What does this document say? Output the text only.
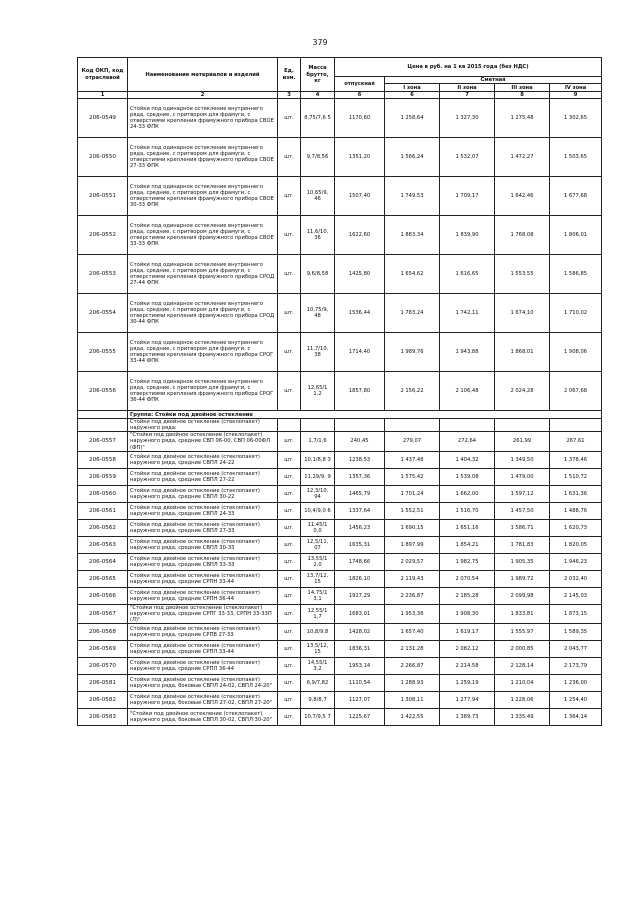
379
Код ОКП, код отраслевой	Наименование материалов и изделий	Ед. изм.	Масса брутто, кг	Цена в руб. на 1 кв 2015 года (без НДС)				
				отпускная	Сметная			
					I зона	II зона	III зона	IV зона
1	2	3	4	6	6	7	8	9
206-0549	Стойки под одинарное остекление внутреннего ряда, средние, с притвором для фрамуги, с отверстиями крепления фрамужного прибора СВОЕ 24-33 ФПК	шт.	8,75/7,6 5	1170,60	1 258,64	1 327,30	1 275,48	1 302,65
206-0550	Стойки под одинарное остекление внутреннего ряда, средние, с притвором для фрамуги, с отверстиями крепления фрамужного прибора СВОЕ 27-33 ФПК	шт.	9,7/8,56	1351,20	1 566,24	1 532,07	1 472,27	1 503,65
206-0551	Стойки под одинарное остекление внутреннего ряда, средние, с притвором для фрамуги, с отверстиями крепления фрамужного прибора СВОЕ 30-33 ФПК	шт.	10,65/9, 46	1507,40	1 749,53	1 709,17	1 642,46	1 677,68
206-0552	Стойки под одинарное остекление внутреннего ряда, средние, с притвором для фрамуги, с отверстиями крепления фрамужного прибора СВОЕ 33-33 ФПК	шт.	11,6/10, 36	1622,60	1 883,34	1 839,90	1 768,08	1 806,01
206-0553	Стойки под одинарное остекление внутреннего ряда, средние, с притвором для фрамуги, с отверстиями крепления фрамужного прибора СРОД 27-44 ФПК	шт.	9,6/8,58	1425,80	1 654,62	1 616,65	1 553,55	1 586,85
206-0554	Стойки под одинарное остекление внутреннего ряда, средние, с притвором для фрамуги, с отверстиями крепления фрамужного прибора СРОД 30-44 ФПК	шт.	10,75/9, 48	1536,44	1 783,24	1 742,11	1 674,10	1 710,02
206-0555	Стойки под одинарное остекление внутреннего ряда, средние, с притвором для фрамуги, с отверстиями крепления фрамужного прибора СРОГ 33-44 ФПК	шт.	11,7/10, 38	1714,40	1 989,76	1 943,88	1 868,01	1 908,06
206-0556	Стойки под одинарное остекление внутреннего ряда, средние, с притвором для фрамуги, с отверстиями крепления фрамужного прибора СРОГ 36-44 ФПК	шт.	12,65/1 1,2	1857,80	2 156,22	2 106,48	2 024,28	2 067,68
	Группа: Стойки под двойное остекление							
	Стойки под двойное остекление (стеклопакет) наружного ряда:							
206-0557	"Стойки под двойное остекление (стеклопакет) наружного ряда, средние СВП 06-00, СВП 06-00ФЛ (ФП)"	шт.	1,7/1,6	240,45	279,07	272,64	261,99	267,61
206-0558	Стойки под двойное остекление (стеклопакет) наружного ряда, средние СВПЛ 24-22	шт.	10,1/8,8 3	1238,53	1 437,48	1 404,32	1 349,50	1 378,46
206-0559	Стойки под двойное остекление (стеклопакет) наружного ряда, средние СВПЛ 27-22	шт.	11,29/9, 9	1357,36	1 575,42	1 539,08	1 479,00	1 510,72
206-0560	Стойки под двойное остекление (стеклопакет) наружного ряда, средние СВПЛ 30-22	шт.	12,3/10, 94	1465,79	1 701,24	1 662,00	1 597,12	1 631,36
206-0561	Стойки под двойное остекление (стеклопакет) наружного ряда, средние СВПЛ 24-33	шт.	10,4/9,0 6	1337,64	1 552,51	1 516,70	1 457,50	1 488,76
206-0562	Стойки под двойное остекление (стеклопакет) наружного ряда, средние СВПЛ 27-33	шт.	11,45/1 0,0	1456,23	1 690,15	1 651,16	1 586,71	1 620,73
206-0563	Стойки под двойное остекление (стеклопакет) наружного ряда, средние СВПЛ 30-33	шт.	12,5/11, 07	1635,31	1 897,99	1 854,21	1 781,83	1 820,05
206-0564	Стойки под двойное остекление (стеклопакет) наружного ряда, средние СВПЛ 33-33	шт.	13,55/1 2,0	1748,66	2 029,57	1 982,75	1 905,35	1 946,23
206-0565	Стойки под двойное остекление (стеклопакет) наружного ряда, средние СРПН 33-44	шт.	13,7/12, 15	1826,10	2 119,43	2 070,54	1 989,72	2 032,40
206-0566	Стойки под двойное остекление (стеклопакет) наружного ряда, средние СРПН 36-44	шт.	14,75/1 3,1	1927,29	2 236,87	2 185,28	2 099,98	2 145,03
206-0567	"Стойки под двойное остекление (стеклопакет) наружного ряда, средние СРПГ 33-33, СРПН 33-33П (Л)"	шт.	12,55/1 1,7	1683,01	1 953,36	1 908,30	1 833,81	1 873,15
206-0568	Стойки под двойное остекление (стеклопакет) наружного ряда, средние СРПВ 27-33	шт.	10,8/9,8	1428,02	1 657,40	1 619,17	1 555,97	1 589,35
206-0569	Стойки под двойное остекление (стеклопакет) наружного ряда, средние СРПЛ 33-44	шт.	13,5/12, 15	1836,31	2 131,28	2 082,12	2 000,85	2 043,77
206-0570	Стойки под двойное остекление (стеклопакет) наружного ряда, средние СРПЛ 36-44	шт.	14,55/1 3,2	1953,14	2 266,87	2 214,58	2 128,14	2 173,79
206-0581	Стойки под двойное остекление (стеклопакет) наружного ряда, боковые СВПЛ 24-02, СВПЛ 24-20"	шт.	6,9/7,82	1110,54	1 288,93	1 259,19	1 210,04	1 236,00
206-0582	Стойки под двойное остекление (стеклопакет) наружного ряда, боковые СВПЛ 27-02, СВПЛ 27-20"	шт.	9,8/8,7	1127,07	1 308,11	1 277,94	1 228,06	1 254,40
206-0583	"Стойки под двойное остекление (стеклопакет) наружного ряда, боковые СВПЛ 30-02, СВПЛ 30-20"	шт.	10,7/9,5 7	1225,67	1 422,55	1 389,73	1 335,49	1 364,14
